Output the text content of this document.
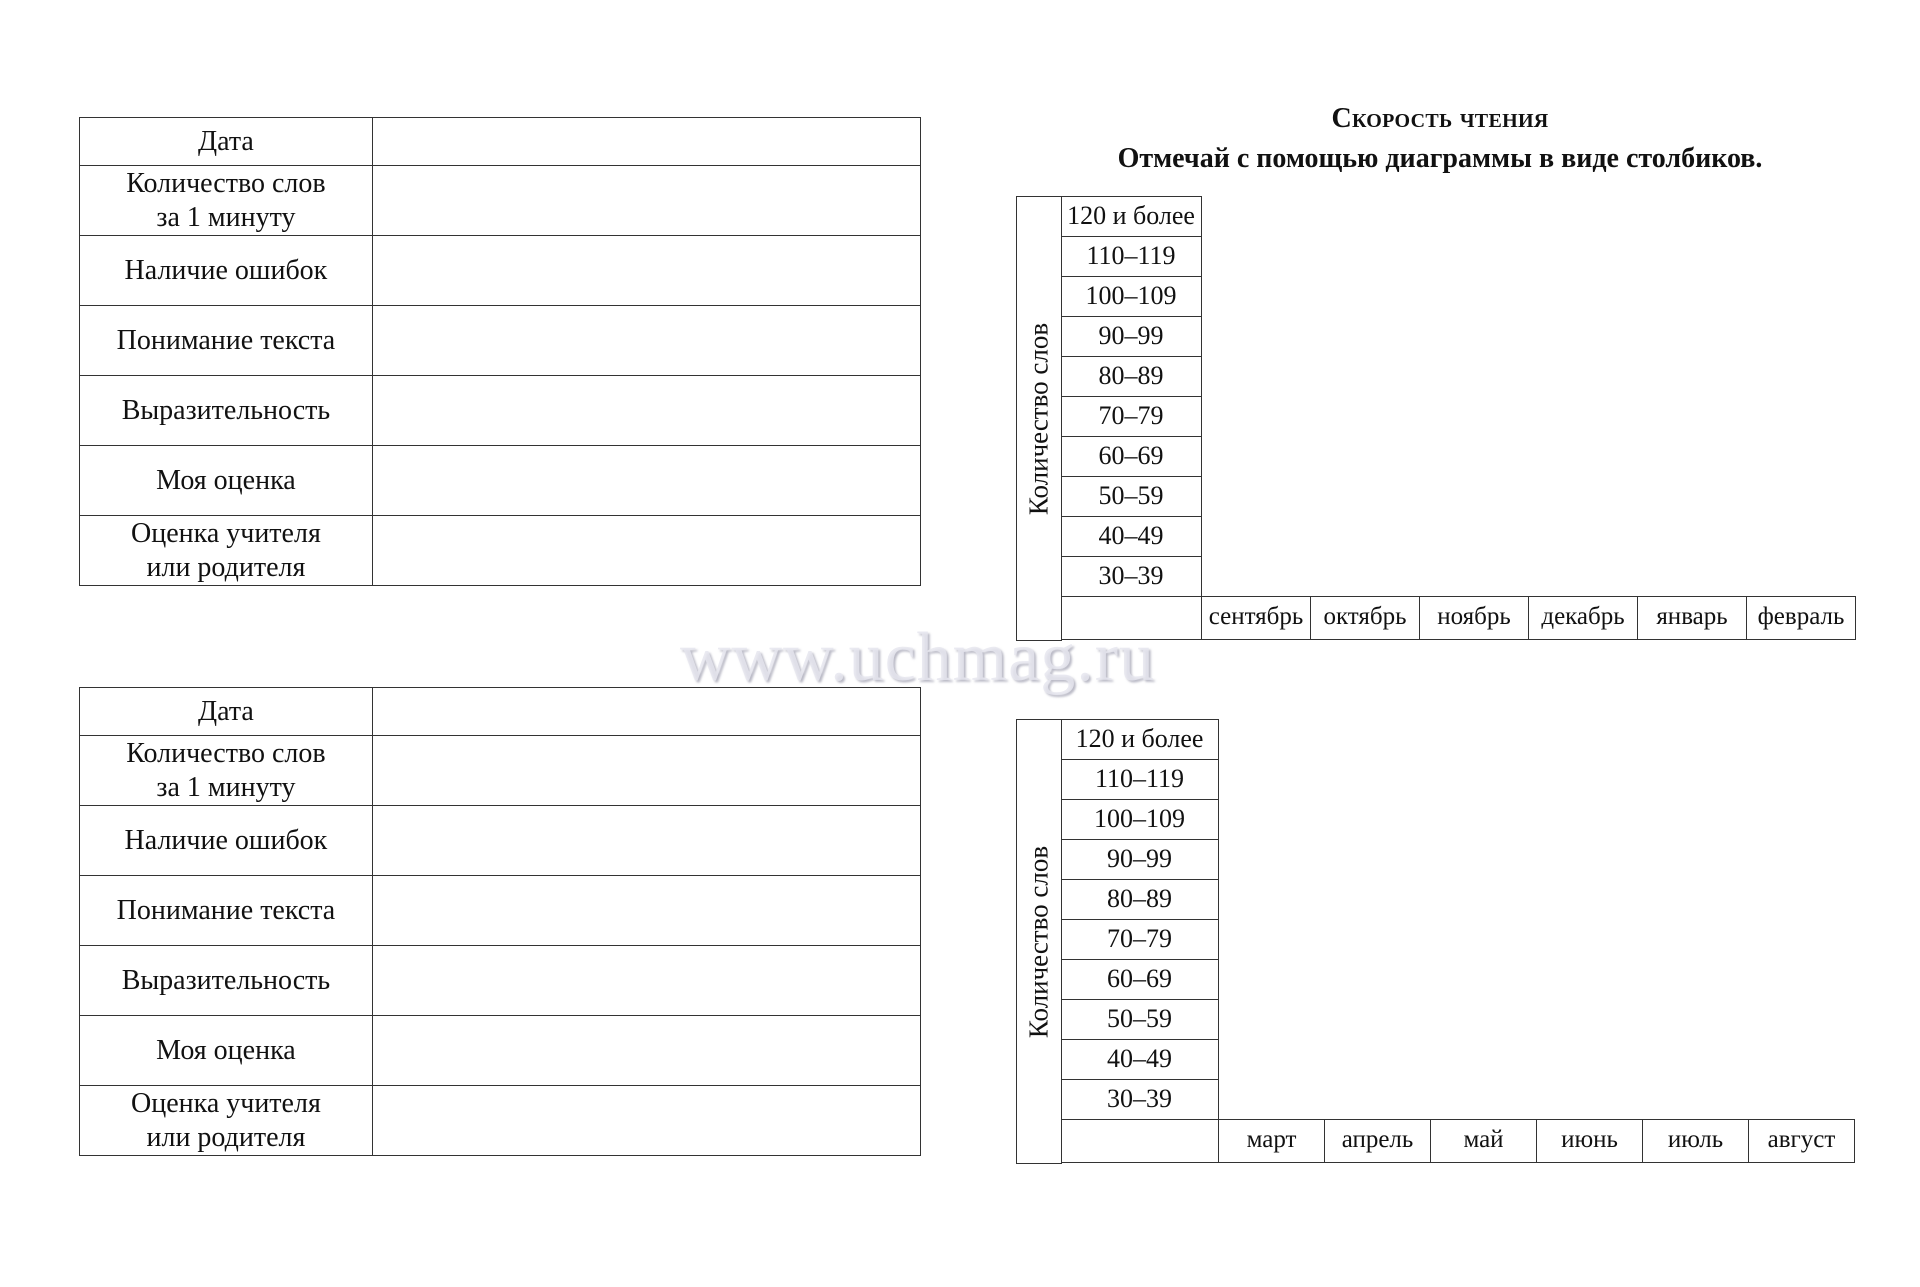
Дата	
Количество слов
за 1 минуту	
Наличие ошибок	
Понимание текста	
Выразительность	
Моя оценка	
Оценка учителя
или родителя	
Дата	
Количество слов
за 1 минуту	
Наличие ошибок	
Понимание текста	
Выразительность	
Моя оценка	
Оценка учителя
или родителя	
Скорость чтения
Отмечай с помощью диаграммы в виде столбиков.
Количество слов
120 и более
110–119
100–109
90–99
80–89
70–79
60–69
50–59
40–49
30–39
сентябрь октябрь	ноябрь	декабрь	январь	февраль
Количество слов
120 и более
110–119
100–109
90–99
80–89
70–79
60–69
50–59
40–49
30–39
март	апрель	май	июнь	июль	август
www.uchmag.ru
